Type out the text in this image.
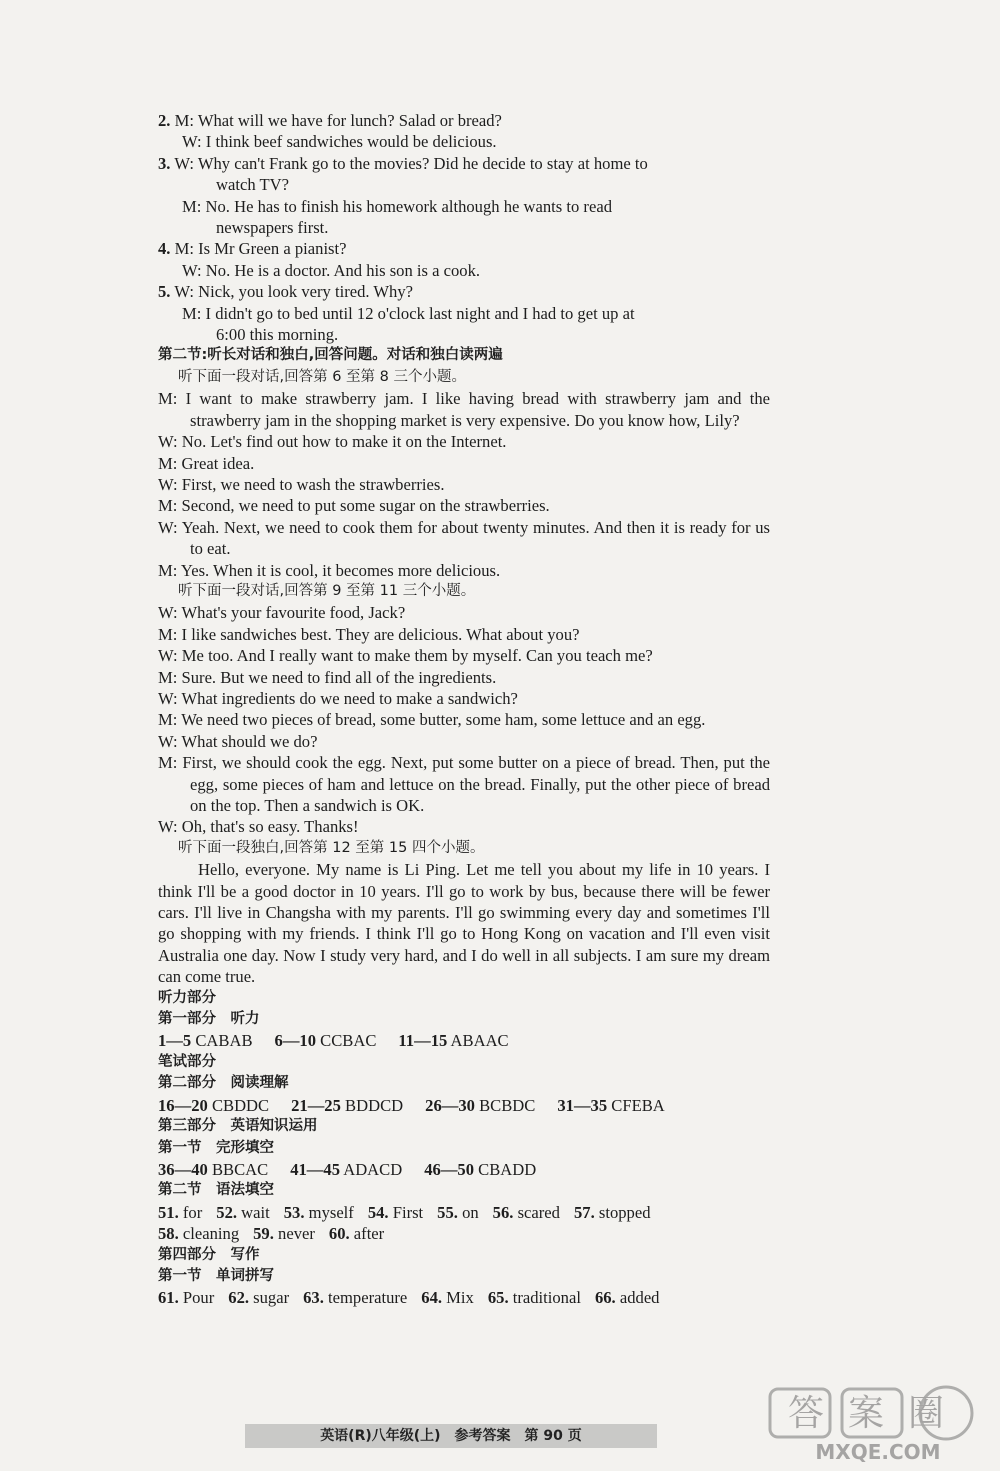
2. M: What will we have for lunch? Salad or bread?
W: I think beef sandwiches would be delicious.
3. W: Why can't Frank go to the movies? Did he decide to stay at home to
watch TV?
M: No. He has to finish his homework although he wants to read
newspapers first.
4. M: Is Mr Green a pianist?
W: No. He is a doctor. And his son is a cook.
5. W: Nick, you look very tired. Why?
M: I didn't go to bed until 12 o'clock last night and I had to get up at
6:00 this morning.
第二节:听长对话和独白,回答问题。对话和独白读两遍
听下面一段对话,回答第 6 至第 8 三个小题。
M: I want to make strawberry jam. I like having bread with strawberry jam and the strawberry jam in the shopping market is very expensive. Do you know how, Lily?
W: No. Let's find out how to make it on the Internet.
M: Great idea.
W: First, we need to wash the strawberries.
M: Second, we need to put some sugar on the strawberries.
W: Yeah. Next, we need to cook them for about twenty minutes. And then it is ready for us to eat.
M: Yes. When it is cool, it becomes more delicious.
听下面一段对话,回答第 9 至第 11 三个小题。
W: What's your favourite food, Jack?
M: I like sandwiches best. They are delicious. What about you?
W: Me too. And I really want to make them by myself. Can you teach me?
M: Sure. But we need to find all of the ingredients.
W: What ingredients do we need to make a sandwich?
M: We need two pieces of bread, some butter, some ham, some lettuce and an egg.
W: What should we do?
M: First, we should cook the egg. Next, put some butter on a piece of bread. Then, put the egg, some pieces of ham and lettuce on the bread. Finally, put the other piece of bread on the top. Then a sandwich is OK.
W: Oh, that's so easy. Thanks!
听下面一段独白,回答第 12 至第 15 四个小题。
Hello, everyone. My name is Li Ping. Let me tell you about my life in 10 years. I think I'll be a good doctor in 10 years. I'll go to work by bus, because there will be fewer cars. I'll live in Changsha with my parents. I'll go swimming every day and sometimes I'll go shopping with my friends. I think I'll go to Hong Kong on vacation and I'll even visit Australia one day. Now I study very hard, and I do well in all subjects. I am sure my dream can come true.
听力部分
第一部分　听力
1—5 CABAB 6—10 CCBAC 11—15 ABAAC
笔试部分
第二部分　阅读理解
16—20 CBDDC 21—25 BDDCD 26—30 BCBDC 31—35 CFEBA
第三部分　英语知识运用
第一节　完形填空
36—40 BBCAC 41—45 ADACD 46—50 CBADD
第二节　语法填空
51. for 52. wait 53. myself 54. First 55. on 56. scared 57. stopped
58. cleaning 59. never 60. after
第四部分　写作
第一节　单词拼写
61. Pour 62. sugar 63. temperature 64. Mix 65. traditional 66. added
英语(R)八年级(上)　参考答案　第 90 页
答案圈
MXQE.COM
